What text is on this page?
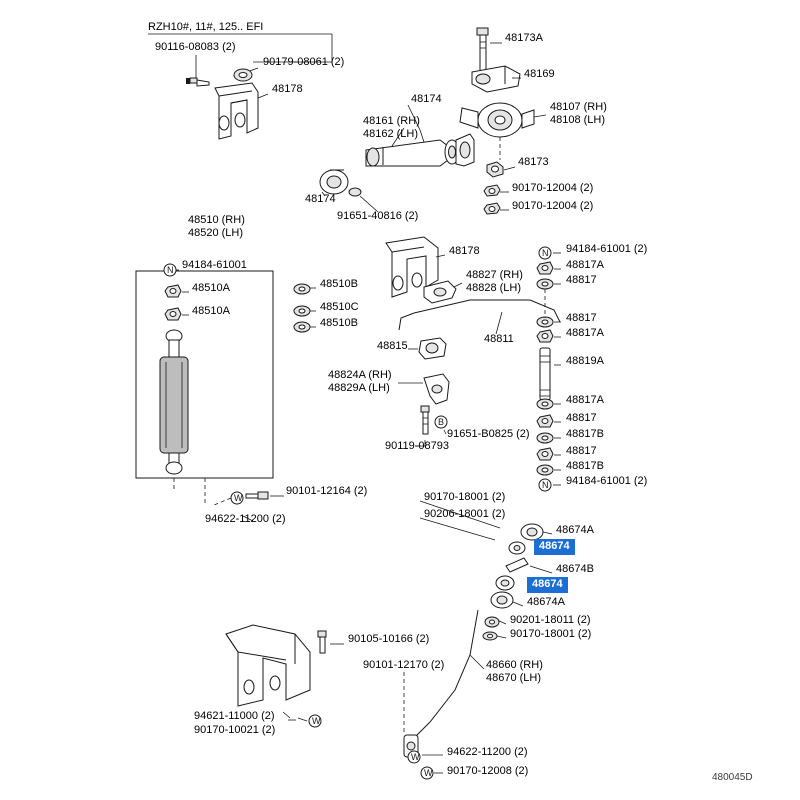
N
B
N
N
W
W
W
W
RZH10#, 11#, 125.. EFI
90116-08083 (2)
90179-08061 (2)
48178
48173A
48169
48174
48161 (RH)
48162 (LH)
48107 (RH)
48108 (LH)
48173
48174
91651-40816 (2)
90170-12004 (2)
90170-12004 (2)
48510 (RH)
48520 (LH)
94184-61001
48510A
48510A
48510B
48510C
48510B
48178
48827 (RH)
48828 (LH)
48815
48811
94184-61001 (2)
48817A
48817
48817
48817A
48819A
48817A
48817
48817B
48817
48817B
94184-61001 (2)
48824A (RH)
48829A (LH)
91651-B0825 (2)
90119-08793
90101-12164 (2)
94622-11200 (2)
90170-18001 (2)
90206-18001 (2)
48674A
48674B
48674A
90201-18011 (2)
90170-18001 (2)
90105-10166 (2)
90101-12170 (2)	48660 (RH)
48670 (LH)
94621-11000 (2)
90170-10021 (2)
94622-11200 (2)
90170-12008 (2)
48674
48674
480045D
